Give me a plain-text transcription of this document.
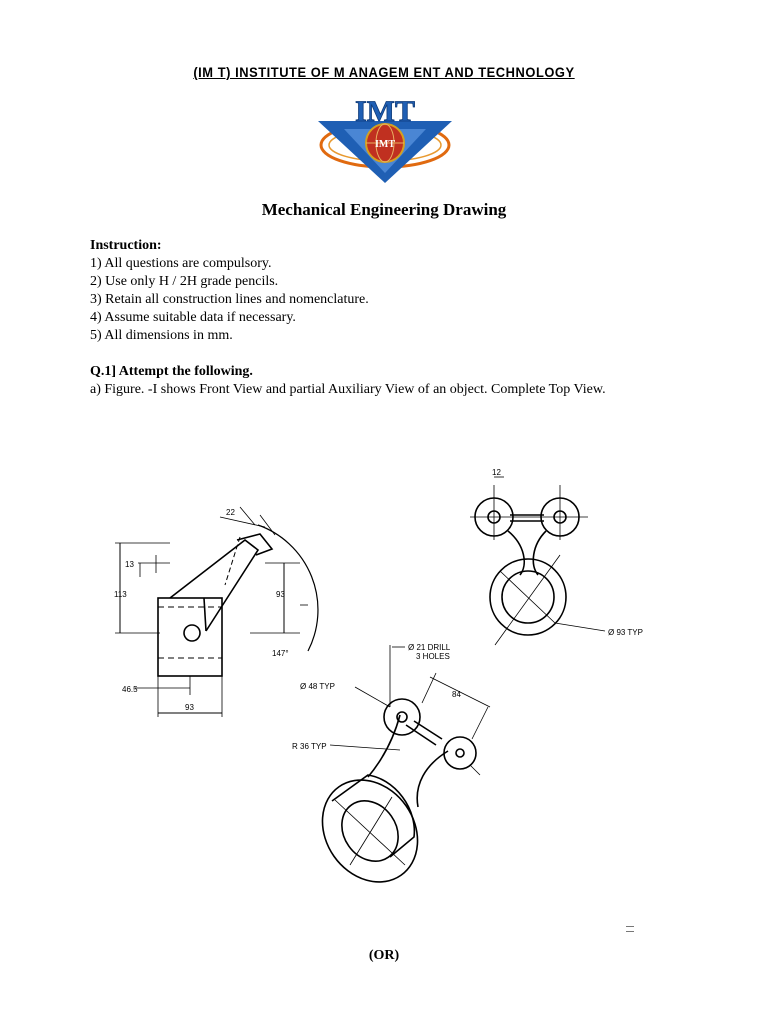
(IM T) INSTITUTE OF M ANAGEM ENT AND TECHNOLOGY
IMT
IMT
Mechanical Engineering Drawing
Instruction:
1) All questions are compulsory.
2) Use only H / 2H grade pencils.
3) Retain all construction lines and nomenclature.
4) Assume suitable data if necessary.
5) All dimensions in mm.
Q.1] Attempt the following.
a) Figure. -I shows Front View and partial Auxiliary View of an object. Complete Top View.
22
13
113	93
147°
46.5
93
12
Ø 93 TYP
Ø 21 DRILL
3 HOLES
Ø 48 TYP
84
R 36 TYP
(OR)
